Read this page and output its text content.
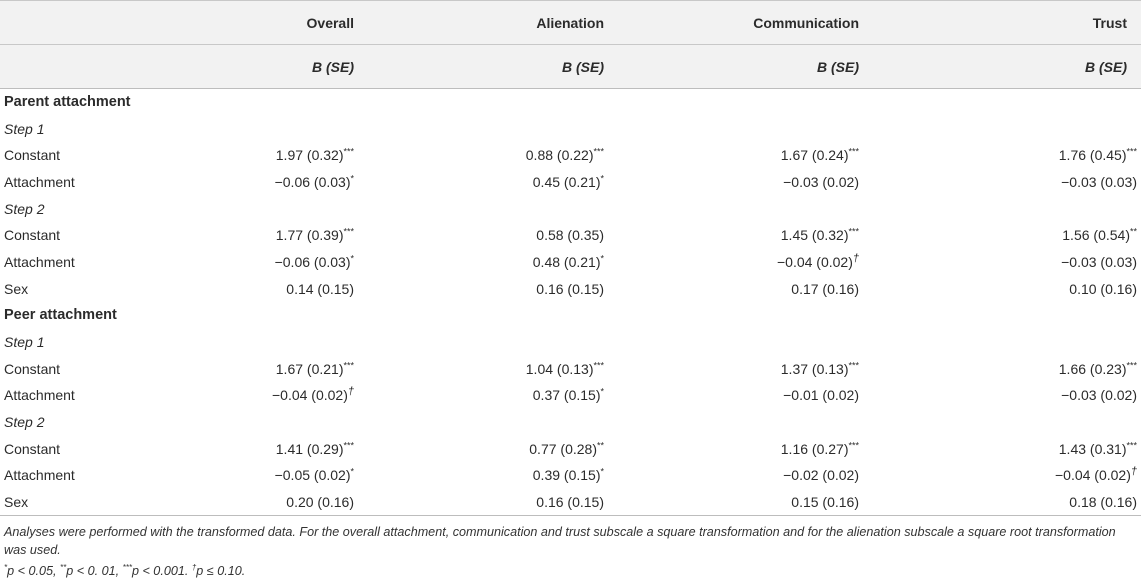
	Overall	Alienation	Communication	Trust
	B (SE)	B (SE)	B (SE)	B (SE)
Parent attachment				
Step 1				
Constant	1.97 (0.32)***	0.88 (0.22)***	1.67 (0.24)***	1.76 (0.45)***
Attachment	−0.06 (0.03)*	0.45 (0.21)*	−0.03 (0.02)	−0.03 (0.03)
Step 2				
Constant	1.77 (0.39)***	0.58 (0.35)	1.45 (0.32)***	1.56 (0.54)**
Attachment	−0.06 (0.03)*	0.48 (0.21)*	−0.04 (0.02)†	−0.03 (0.03)
Sex	0.14 (0.15)	0.16 (0.15)	0.17 (0.16)	0.10 (0.16)
Peer attachment				
Step 1				
Constant	1.67 (0.21)***	1.04 (0.13)***	1.37 (0.13)***	1.66 (0.23)***
Attachment	−0.04 (0.02)†	0.37 (0.15)*	−0.01 (0.02)	−0.03 (0.02)
Step 2				
Constant	1.41 (0.29)***	0.77 (0.28)**	1.16 (0.27)***	1.43 (0.31)***
Attachment	−0.05 (0.02)*	0.39 (0.15)*	−0.02 (0.02)	−0.04 (0.02)†
Sex	0.20 (0.16)	0.16 (0.15)	0.15 (0.16)	0.18 (0.16)
Analyses were performed with the transformed data. For the overall attachment, communication and trust subscale a square transformation and for the alienation subscale a square root transformation was used.
*p < 0.05, **p < 0. 01, ***p < 0.001. †p ≤ 0.10.
